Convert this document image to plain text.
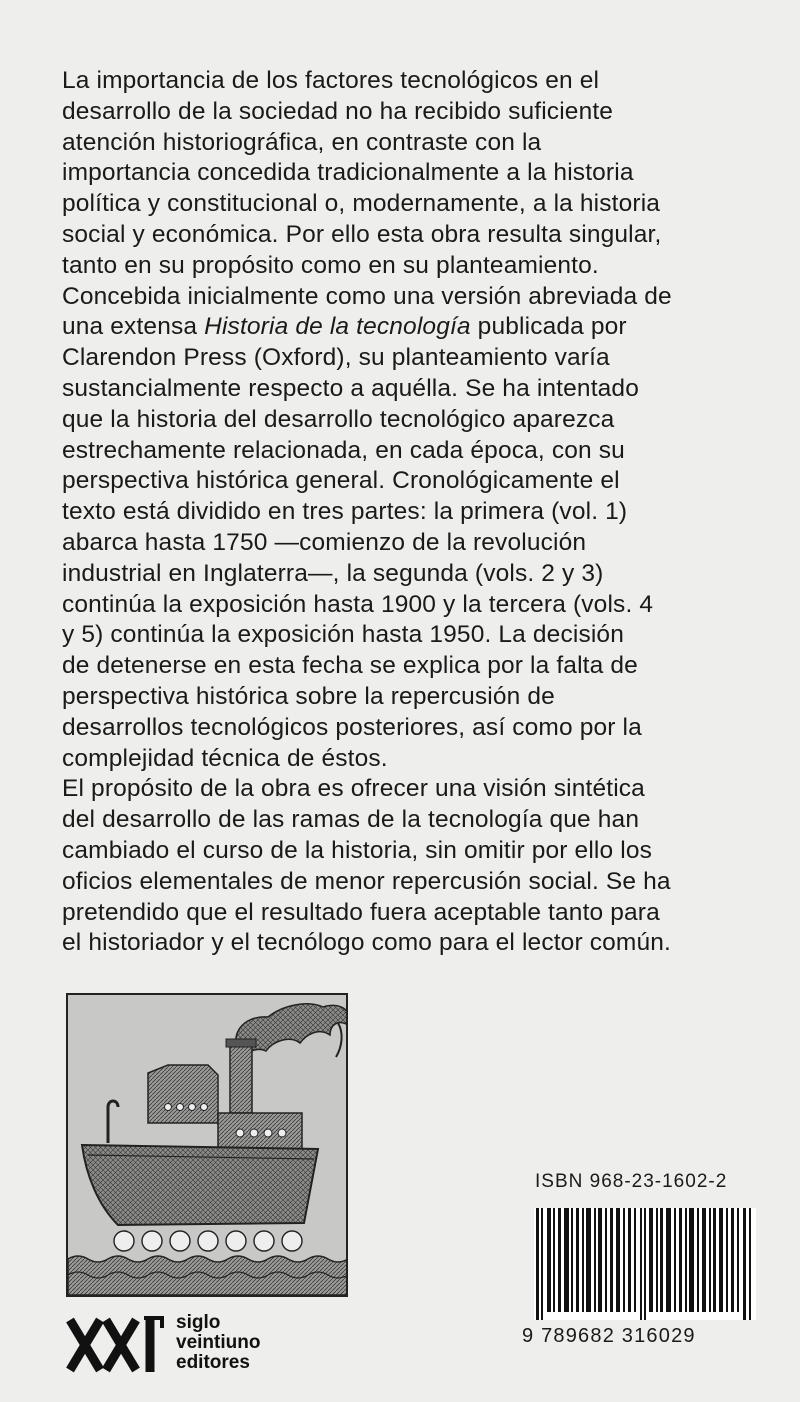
La importancia de los factores tecnológicos en el
desarrollo de la sociedad no ha recibido suficiente
atención historiográfica, en contraste con la
importancia concedida tradicionalmente a la historia
política y constitucional o, modernamente, a la historia
social y económica. Por ello esta obra resulta singular,
tanto en su propósito como en su planteamiento.
Concebida inicialmente como una versión abreviada de
una extensa Historia de la tecnología publicada por
Clarendon Press (Oxford), su planteamiento varía
sustancialmente respecto a aquélla. Se ha intentado
que la historia del desarrollo tecnológico aparezca
estrechamente relacionada, en cada época, con su
perspectiva histórica general. Cronológicamente el
texto está dividido en tres partes: la primera (vol. 1)
abarca hasta 1750 —comienzo de la revolución
industrial en Inglaterra—, la segunda (vols. 2 y 3)
continúa la exposición hasta 1900 y la tercera (vols. 4
y 5) continúa la exposición hasta 1950. La decisión
de detenerse en esta fecha se explica por la falta de
perspectiva histórica sobre la repercusión de
desarrollos tecnológicos posteriores, así como por la
complejidad técnica de éstos.

El propósito de la obra es ofrecer una visión sintética
del desarrollo de las ramas de la tecnología que han
cambiado el curso de la historia, sin omitir por ello los
oficios elementales de menor repercusión social. Se ha
pretendido que el resultado fuera aceptable tanto para
el historiador y el tecnólogo como para el lector común.

ISBN 968-23-1602-2
9 789682 316029
siglo
veintiuno
editores
